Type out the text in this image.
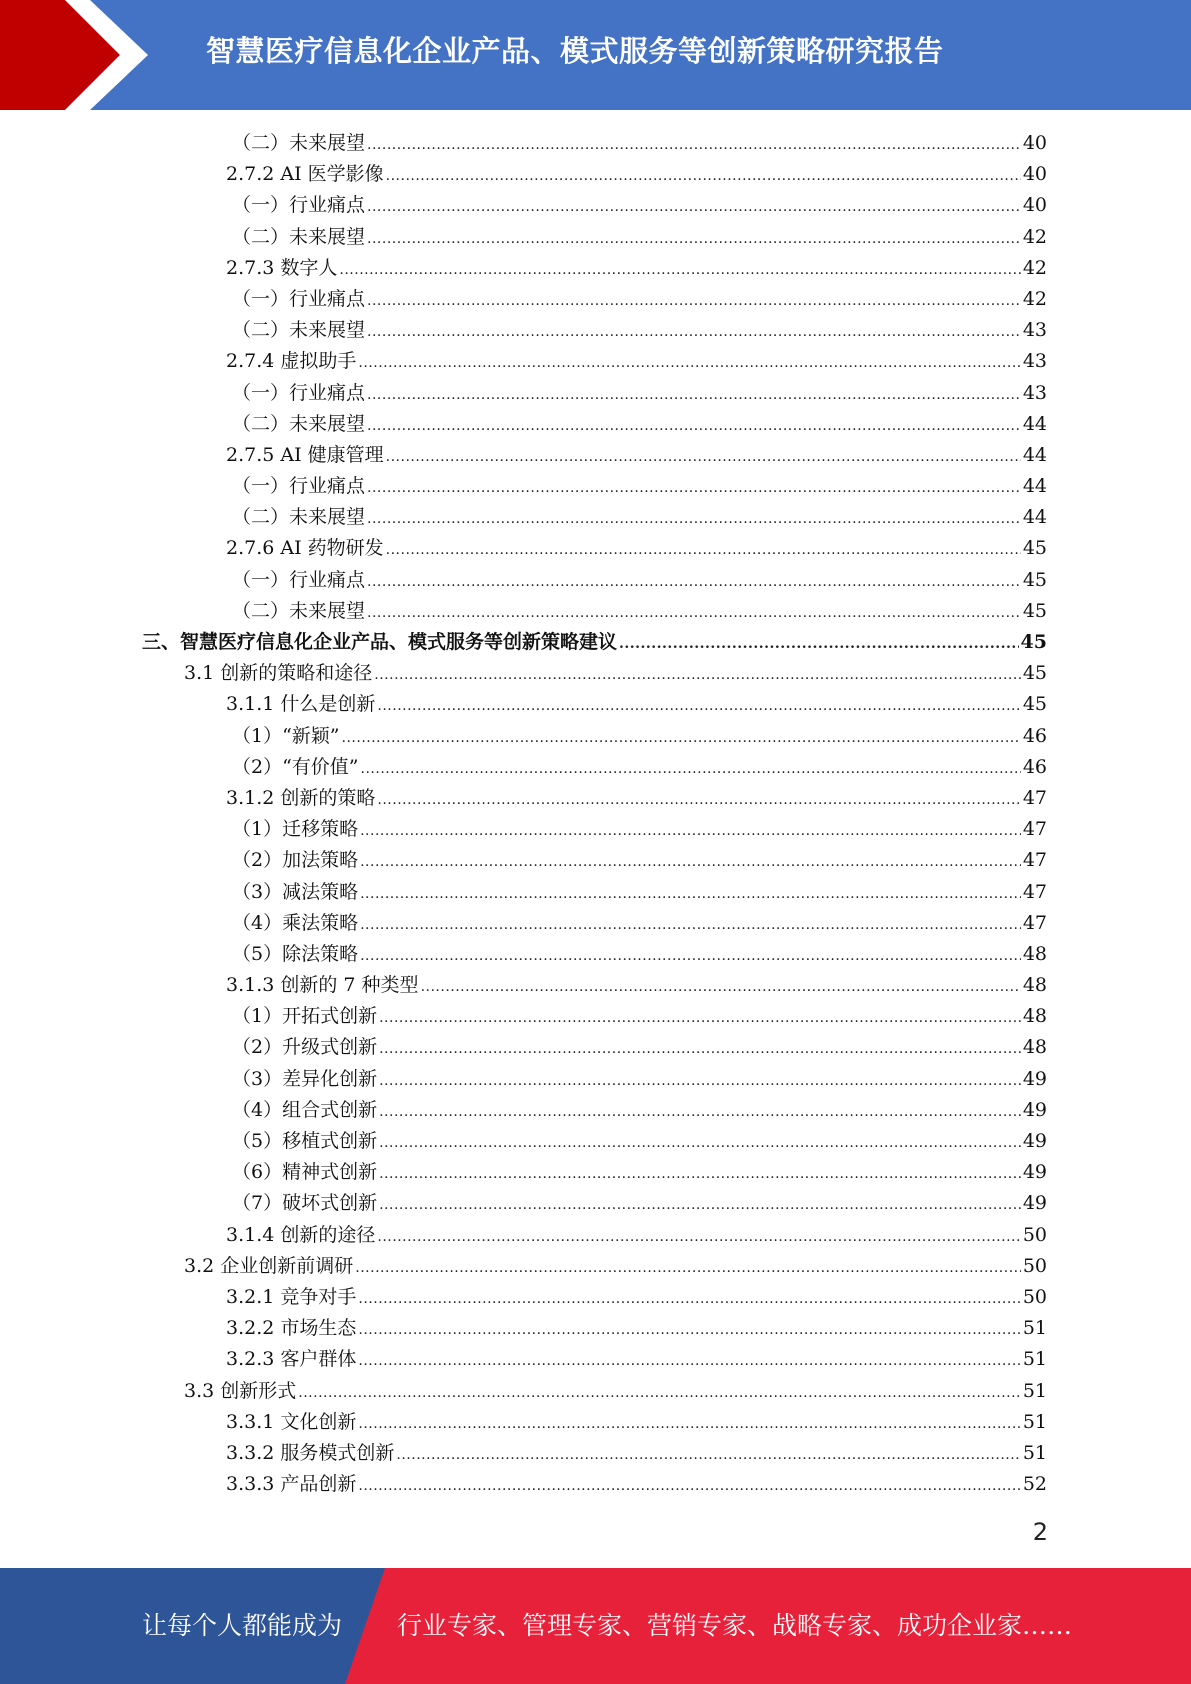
智慧医疗信息化企业产品、模式服务等创新策略研究报告
（二）未来展望 .....	40
2.7.2 AI 医学影像 .....	40
（一）行业痛点 .....	40
（二）未来展望 .....	42
2.7.3 数字人 .....	42
（一）行业痛点 .....	42
（二）未来展望 .....	43
2.7.4 虚拟助手 .....	43
（一）行业痛点 .....	43
（二）未来展望 .....	44
2.7.5 AI 健康管理 .....	44
（一）行业痛点 .....	44
（二）未来展望 .....	44
2.7.6 AI 药物研发 .....	45
（一）行业痛点 .....	45
（二）未来展望 .....	45
三、智慧医疗信息化企业产品、模式服务等创新策略建议 .....	45
3.1 创新的策略和途径 .....	45
3.1.1 什么是创新 .....	45
（1）“新颖” .....	46
（2）“有价值” .....	46
3.1.2 创新的策略 .....	47
（1）迁移策略 .....	47
（2）加法策略 .....	47
（3）减法策略 .....	47
（4）乘法策略 .....	47
（5）除法策略 .....	48
3.1.3 创新的 7 种类型 .....	48
（1）开拓式创新 .....	48
（2）升级式创新 .....	48
（3）差异化创新 .....	49
（4）组合式创新 .....	49
（5）移植式创新 .....	49
（6）精神式创新 .....	49
（7）破坏式创新 .....	49
3.1.4 创新的途径 .....	50
3.2 企业创新前调研 .....	50
3.2.1 竞争对手 .....	50
3.2.2 市场生态 .....	51
3.2.3 客户群体 .....	51
3.3 创新形式 .....	51
3.3.1 文化创新 .....	51
3.3.2 服务模式创新 .....	51
3.3.3 产品创新 .....	52
2
让每个人都能成为 行业专家、管理专家、营销专家、战略专家、成功企业家……
